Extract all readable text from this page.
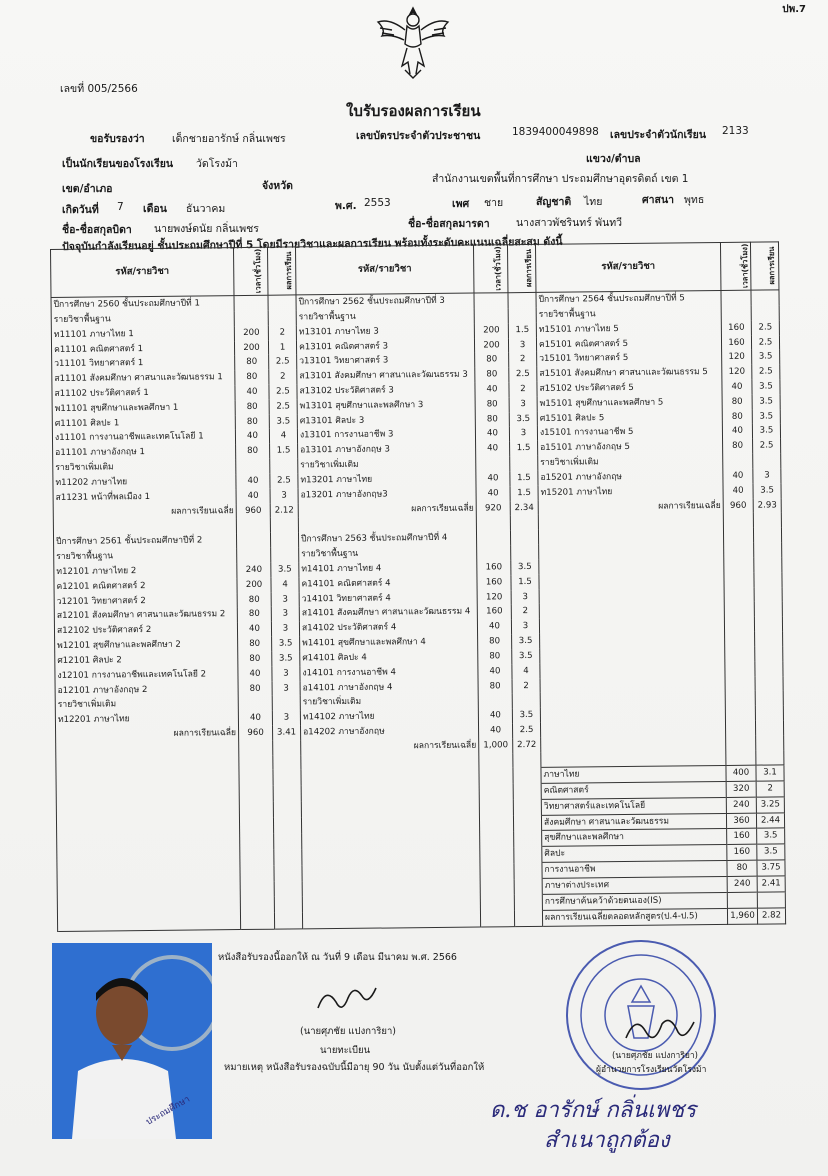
ปพ.7
เลขที่ 005/2566
ใบรับรองผลการเรียน
ขอรับรองว่า	เด็กชายอารักษ์ กลิ่นเพชร	เลขบัตรประจำตัวประชาชน	1839400049898 เลขประจำตัวนักเรียน 2133
เป็นนักเรียนของโรงเรียน วัดโรงม้า	แขวง/ตำบล
เขต/อำเภอ	จังหวัด
สำนักงานเขตพื้นที่การศึกษา ประถมศึกษาอุตรดิตถ์ เขต 1
เกิดวันที่ 7 เดือน ธันวาคม	พ.ศ. 2553	เพศ ชาย	สัญชาติ ไทย	ศาสนา พุทธ
ชื่อ-ชื่อสกุลบิดา นายพงษ์ดนัย กลิ่นเพชร	ชื่อ-ชื่อสกุลมารดา	นางสาวพัชรินทร์ พันทวี
ปัจจุบันกำลังเรียนอยู่ ชั้นประถมศึกษาปีที่ 5 โดยมีรายวิชาและผลการเรียน พร้อมทั้งระดับคะแนนเฉลี่ยสะสม ดังนี้
รหัส/รายวิชา	เวลา(ชั่วโมง)	ผลการเรียน	รหัส/รายวิชา	เวลา(ชั่วโมง)	ผลการเรียน	รหัส/รายวิชา	เวลา(ชั่วโมง)	ผลการเรียน
ปีการศึกษา 2560 ชั้นประถมศึกษาปีที่ 1			ปีการศึกษา 2562 ชั้นประถมศึกษาปีที่ 3			ปีการศึกษา 2564 ชั้นประถมศึกษาปีที่ 5		
รายวิชาพื้นฐาน			รายวิชาพื้นฐาน			รายวิชาพื้นฐาน		
ท11101 ภาษาไทย 1	200	2	ท13101 ภาษาไทย 3	200	1.5	ท15101 ภาษาไทย 5	160	2.5
ค11101 คณิตศาสตร์ 1	200	1	ค13101 คณิตศาสตร์ 3	200	3	ค15101 คณิตศาสตร์ 5	160	2.5
ว11101 วิทยาศาสตร์ 1	80	2.5	ว13101 วิทยาศาสตร์ 3	80	2	ว15101 วิทยาศาสตร์ 5	120	3.5
ส11101 สังคมศึกษา ศาสนาและวัฒนธรรม 1	80	2	ส13101 สังคมศึกษา ศาสนาและวัฒนธรรม 3	80	2.5	ส15101 สังคมศึกษา ศาสนาและวัฒนธรรม 5	120	2.5
ส11102 ประวัติศาสตร์ 1	40	2.5	ส13102 ประวัติศาสตร์ 3	40	2	ส15102 ประวัติศาสตร์ 5	40	3.5
พ11101 สุขศึกษาและพลศึกษา 1	80	2.5	พ13101 สุขศึกษาและพลศึกษา 3	80	3	พ15101 สุขศึกษาและพลศึกษา 5	80	3.5
ศ11101 ศิลปะ 1	80	3.5	ศ13101 ศิลปะ 3	80	3.5	ศ15101 ศิลปะ 5	80	3.5
ง11101 การงานอาชีพและเทคโนโลยี 1	40	4	ง13101 การงานอาชีพ 3	40	3	ง15101 การงานอาชีพ 5	40	3.5
อ11101 ภาษาอังกฤษ 1	80	1.5	อ13101 ภาษาอังกฤษ 3	40	1.5	อ15101 ภาษาอังกฤษ 5	80	2.5
รายวิชาเพิ่มเติม			รายวิชาเพิ่มเติม			รายวิชาเพิ่มเติม		
ท11202 ภาษาไทย	40	2.5	ท13201 ภาษาไทย	40	1.5	อ15201 ภาษาอังกฤษ	40	3
ส11231 หน้าที่พลเมือง 1	40	3	อ13201 ภาษาอังกฤษ3	40	1.5	ท15201 ภาษาไทย	40	3.5
ผลการเรียนเฉลี่ย	960	2.12	ผลการเรียนเฉลี่ย	920	2.34	ผลการเรียนเฉลี่ย	960	2.93

ปีการศึกษา 2561 ชั้นประถมศึกษาปีที่ 2			ปีการศึกษา 2563 ชั้นประถมศึกษาปีที่ 4					
รายวิชาพื้นฐาน			รายวิชาพื้นฐาน					
ท12101 ภาษาไทย 2	240	3.5	ท14101 ภาษาไทย 4	160	3.5			
ค12101 คณิตศาสตร์ 2	200	4	ค14101 คณิตศาสตร์ 4	160	1.5			
ว12101 วิทยาศาสตร์ 2	80	3	ว14101 วิทยาศาสตร์ 4	120	3			
ส12101 สังคมศึกษา ศาสนาและวัฒนธรรม 2	80	3	ส14101 สังคมศึกษา ศาสนาและวัฒนธรรม 4	160	2			
ส12102 ประวัติศาสตร์ 2	40	3	ส14102 ประวัติศาสตร์ 4	40	3			
พ12101 สุขศึกษาและพลศึกษา 2	80	3.5	พ14101 สุขศึกษาและพลศึกษา 4	80	3.5			
ศ12101 ศิลปะ 2	80	3.5	ศ14101 ศิลปะ 4	80	3.5			
ง12101 การงานอาชีพและเทคโนโลยี 2	40	3	ง14101 การงานอาชีพ 4	40	4			
อ12101 ภาษาอังกฤษ 2	80	3	อ14101 ภาษาอังกฤษ 4	80	2			
รายวิชาเพิ่มเติม			รายวิชาเพิ่มเติม					
ท12201 ภาษาไทย	40	3	ท14102 ภาษาไทย	40	3.5			
ผลการเรียนเฉลี่ย	960	3.41	อ14202 ภาษาอังกฤษ	40	2.5			
			ผลการเรียนเฉลี่ย	1,000	2.72			

						ภาษาไทย	400	3.1
						คณิตศาสตร์	320	2
						วิทยาศาสตร์และเทคโนโลยี	240	3.25
						สังคมศึกษา ศาสนาและวัฒนธรรม	360	2.44
						สุขศึกษาและพลศึกษา	160	3.5
						ศิลปะ	160	3.5
						การงานอาชีพ	80	3.75
						ภาษาต่างประเทศ	240	2.41
						การศึกษาค้นคว้าด้วยตนเอง(IS)		
						ผลการเรียนเฉลี่ยตลอดหลักสูตร(ป.4-ป.5)	1,960	2.82
ประถมศึกษา
หนังสือรับรองนี้ออกให้ ณ วันที่ 9 เดือน มีนาคม พ.ศ. 2566
(นายศุภชัย แปงการิยา)
นายทะเบียน
หมายเหตุ หนังสือรับรองฉบับนี้มีอายุ 90 วัน นับตั้งแต่วันที่ออกให้
(นายศุภชัย แปงการิยา)
ผู้อำนวยการโรงเรียนวัดโรงม้า
ด.ช อารักษ์ กลิ่นเพชร
สำเนาถูกต้อง
